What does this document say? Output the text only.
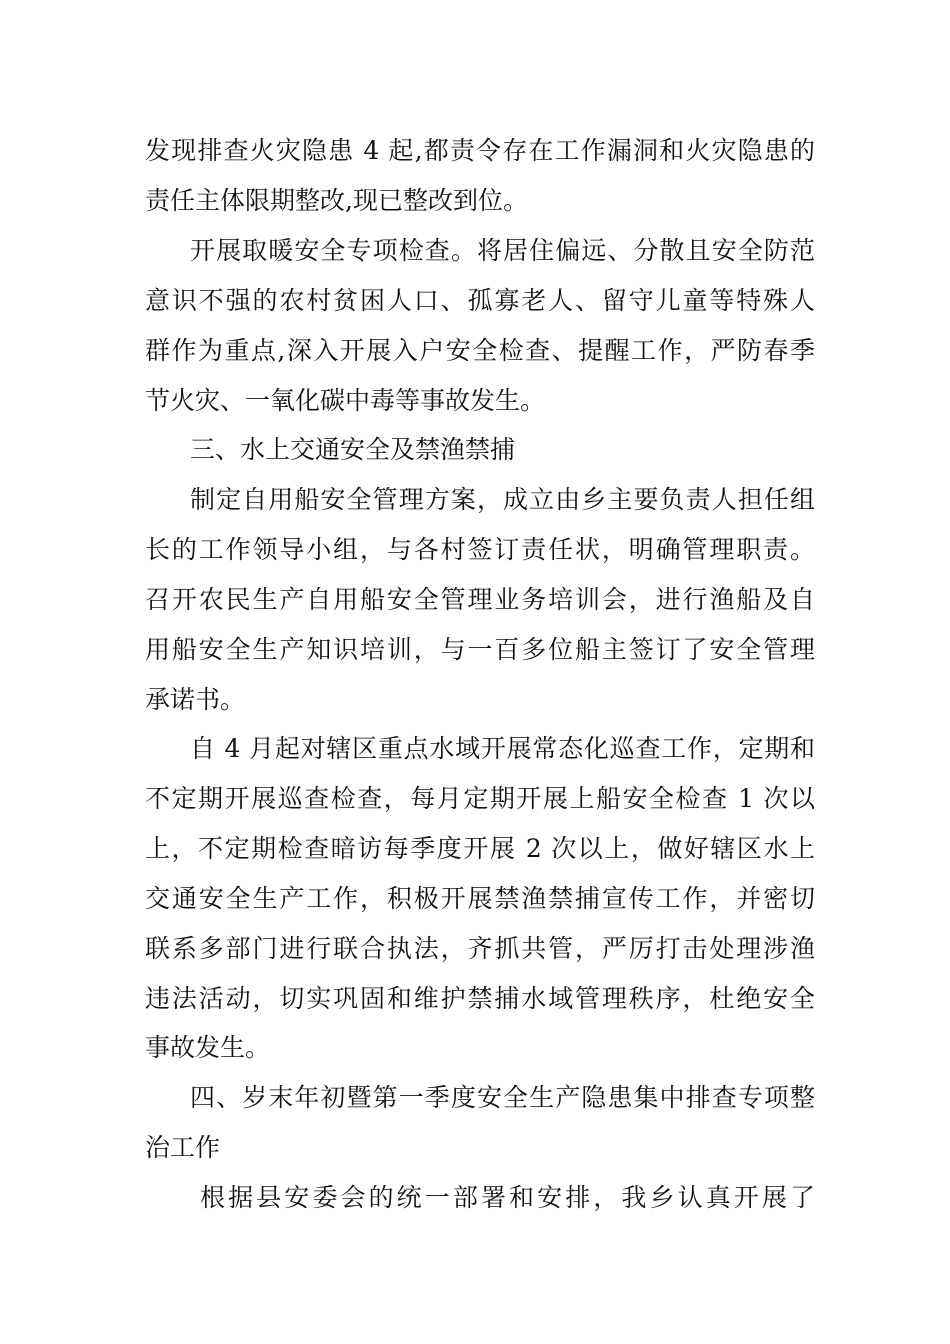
发现排查火灾隐患 4 起,都责令存在工作漏洞和火灾隐患的
责任主体限期整改,现已整改到位。
开展取暖安全专项检查。将居住偏远、分散且安全防范
意识不强的农村贫困人口、孤寡老人、留守儿童等特殊人
群作为重点,深入开展入户安全检查、提醒工作，严防春季
节火灾、一氧化碳中毒等事故发生。
三、水上交通安全及禁渔禁捕
制定自用船安全管理方案，成立由乡主要负责人担任组
长的工作领导小组，与各村签订责任状，明确管理职责。
召开农民生产自用船安全管理业务培训会，进行渔船及自
用船安全生产知识培训，与一百多位船主签订了安全管理
承诺书。
自 4 月起对辖区重点水域开展常态化巡查工作，定期和
不定期开展巡查检查，每月定期开展上船安全检查 1 次以
上，不定期检查暗访每季度开展 2 次以上，做好辖区水上
交通安全生产工作，积极开展禁渔禁捕宣传工作，并密切
联系多部门进行联合执法，齐抓共管，严厉打击处理涉渔
违法活动，切实巩固和维护禁捕水域管理秩序，杜绝安全
事故发生。
四、岁末年初暨第一季度安全生产隐患集中排查专项整
治工作
根据县安委会的统一部署和安排，我乡认真开展了
